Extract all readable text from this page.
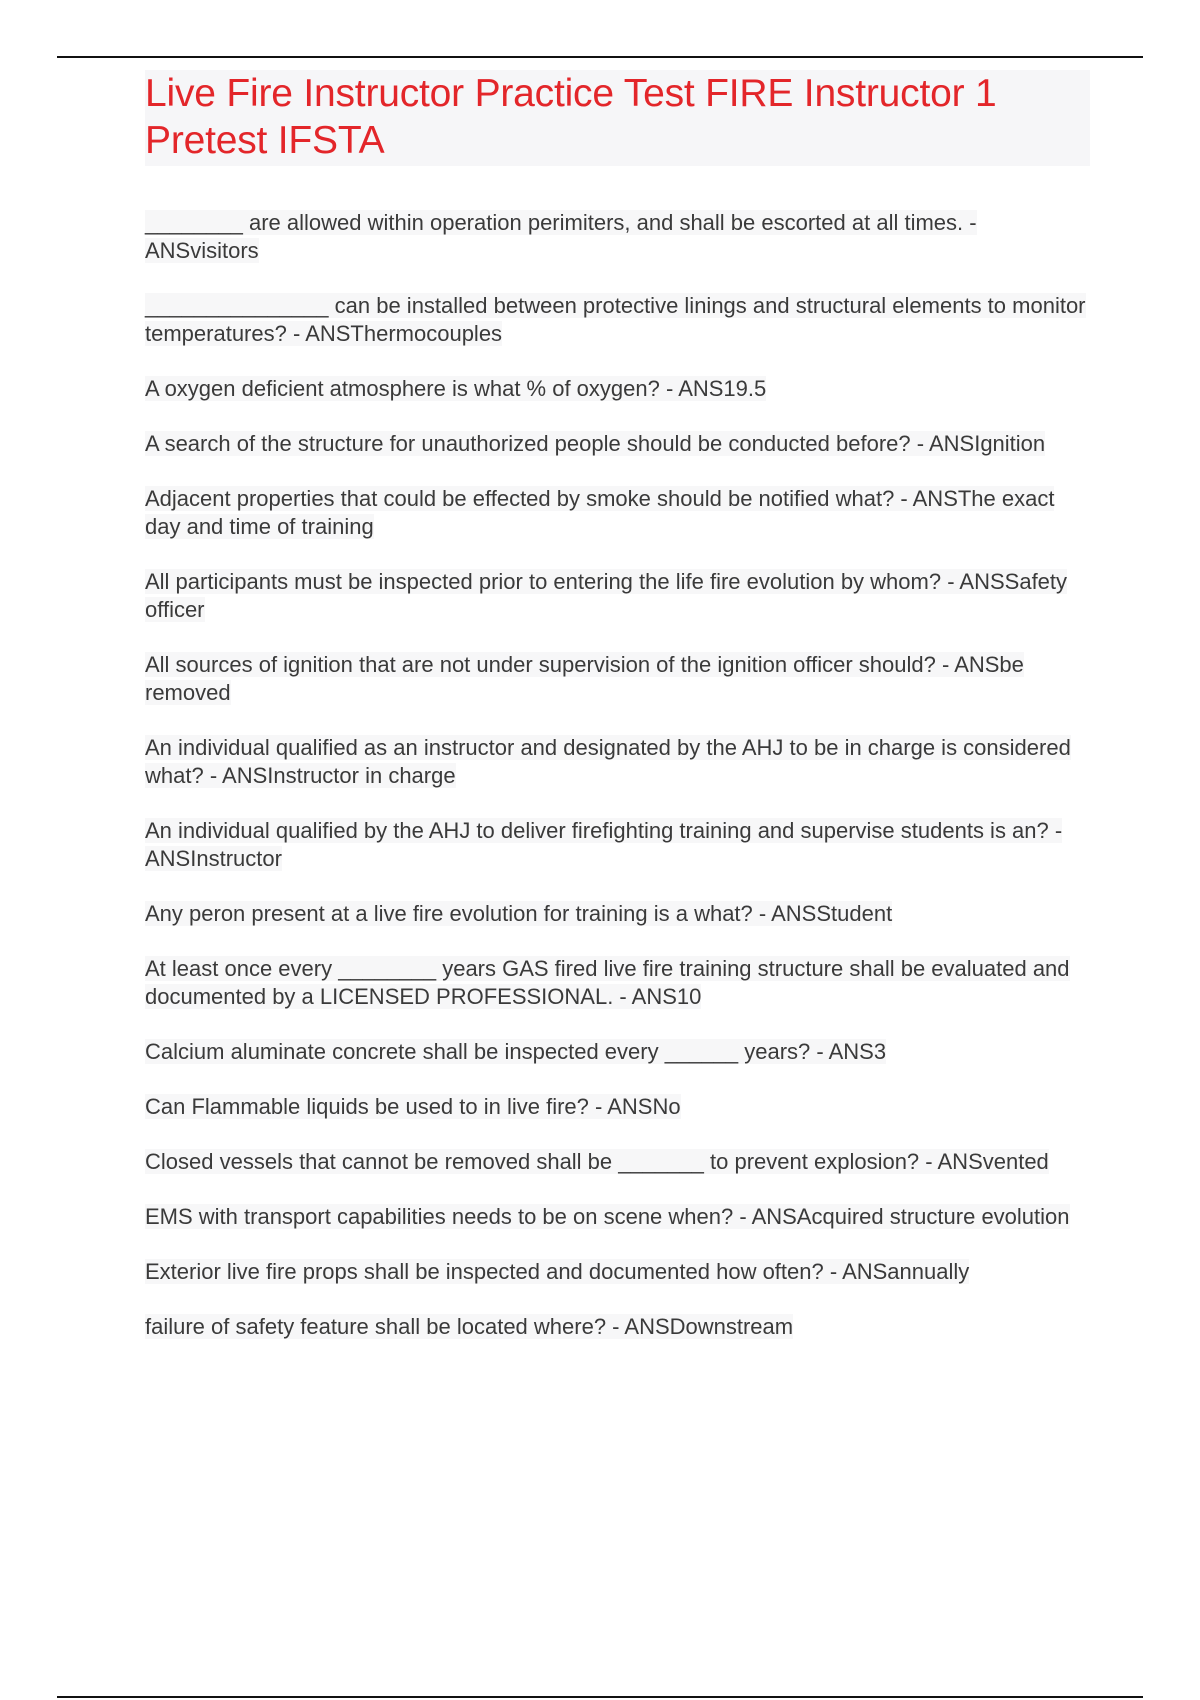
Live Fire Instructor Practice Test FIRE Instructor 1 Pretest IFSTA

________ are allowed within operation perimiters, and shall be escorted at all times. - ANSvisitors

_______________ can be installed between protective linings and structural elements to monitor temperatures? - ANSThermocouples

A oxygen deficient atmosphere is what % of oxygen? - ANS19.5

A search of the structure for unauthorized people should be conducted before? - ANSIgnition

Adjacent properties that could be effected by smoke should be notified what? - ANSThe exact day and time of training

All participants must be inspected prior to entering the life fire evolution by whom? - ANSSafety officer

All sources of ignition that are not under supervision of the ignition officer should? - ANSbe removed

An individual qualified as an instructor and designated by the AHJ to be in charge is considered what? - ANSInstructor in charge

An individual qualified by the AHJ to deliver firefighting training and supervise students is an? - ANSInstructor

Any peron present at a live fire evolution for training is a what? - ANSStudent

At least once every ________ years GAS fired live fire training structure shall be evaluated and documented by a LICENSED PROFESSIONAL. - ANS10

Calcium aluminate concrete shall be inspected every ______ years? - ANS3

Can Flammable liquids be used to in live fire? - ANSNo

Closed vessels that cannot be removed shall be _______ to prevent explosion? - ANSvented

EMS with transport capabilities needs to be on scene when? - ANSAcquired structure evolution

Exterior live fire props shall be inspected and documented how often? - ANSannually

failure of safety feature shall be located where? - ANSDownstream
